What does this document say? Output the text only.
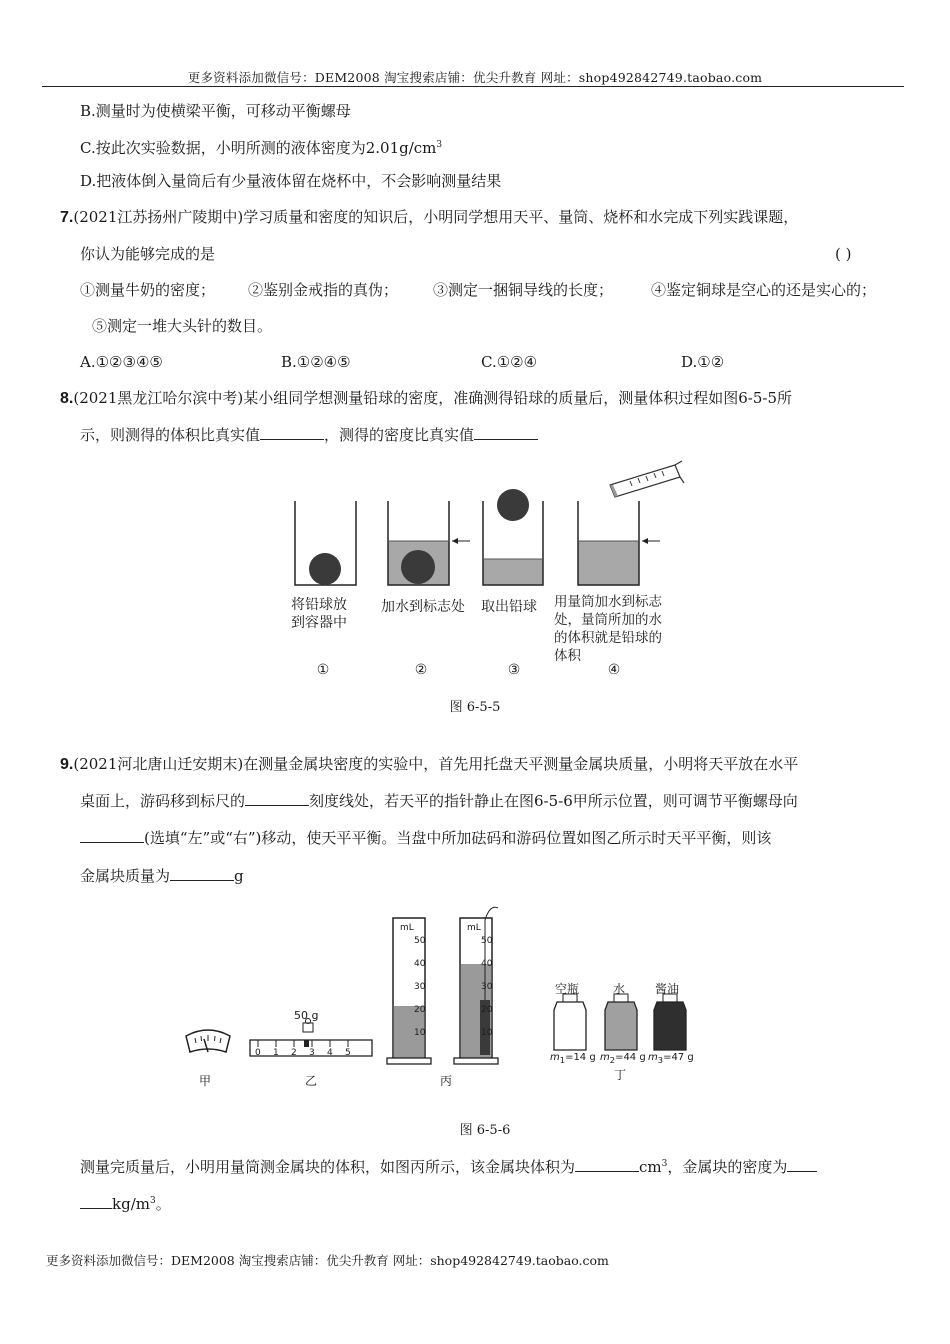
更多资料添加微信号：DEM2008 淘宝搜索店铺：优尖升教育 网址：shop492842749.taobao.com
B.测量时为使横梁平衡，可移动平衡螺母
C.按此次实验数据，小明所测的液体密度为$2.01g/cm^3$
D.把液体倒入量筒后有少量液体留在烧杯中，不会影响测量结果
7.(2021江苏扬州广陵期中)学习质量和密度的知识后，小明同学想用天平、量筒、烧杯和水完成下列实践课题，
你认为能够完成的是	( )
①测量牛奶的密度； ②鉴别金戒指的真伪； ③测定一捆铜导线的长度；	④鉴定铜球是空心的还是实心的；
⑤测定一堆大头针的数目。
A.①②③④⑤	B.①②④⑤	C.①②④	D.①②
8.(2021黑龙江哈尔滨中考)某小组同学想测量铅球的密度，准确测得铅球的质量后，测量体积过程如图6-5-5所
示，则测得的体积比真实值	，测得的密度比真实值
将铅球放
到容器中
加水到标志处	取出铅球	用量筒加水到标志
处，量筒所加的水
的体积就是铅球的
体积
①	②	③	④
图 6-5-5
9.(2021河北唐山迁安期末)在测量金属块密度的实验中，首先用托盘天平测量金属块质量，小明将天平放在水平
桌面上，游码移到标尺的	刻度线处，若天平的指针静止在图6-5-6甲所示位置，则可调节平衡螺母向
(选填“左”或“右”)移动，使天平平衡。当盘中所加砝码和游码位置如图乙所示时天平平衡，则该
金属块质量为	g
50 g
0 1 2 3 4 5
mL
50
40
30
20
10
mL
50
40
30
20
10
空瓶	水 酱油
$m_1=14$ g $m_2=44$ g $m_3=47$ g
甲	乙	丙	丁
图 6-5-6
测量完质量后，小明用量筒测金属块的体积，如图丙所示，该金属块体积为	$cm^3$，金属块的密度为
$kg/m^3$。
更多资料添加微信号：DEM2008 淘宝搜索店铺：优尖升教育 网址：shop492842749.taobao.com
